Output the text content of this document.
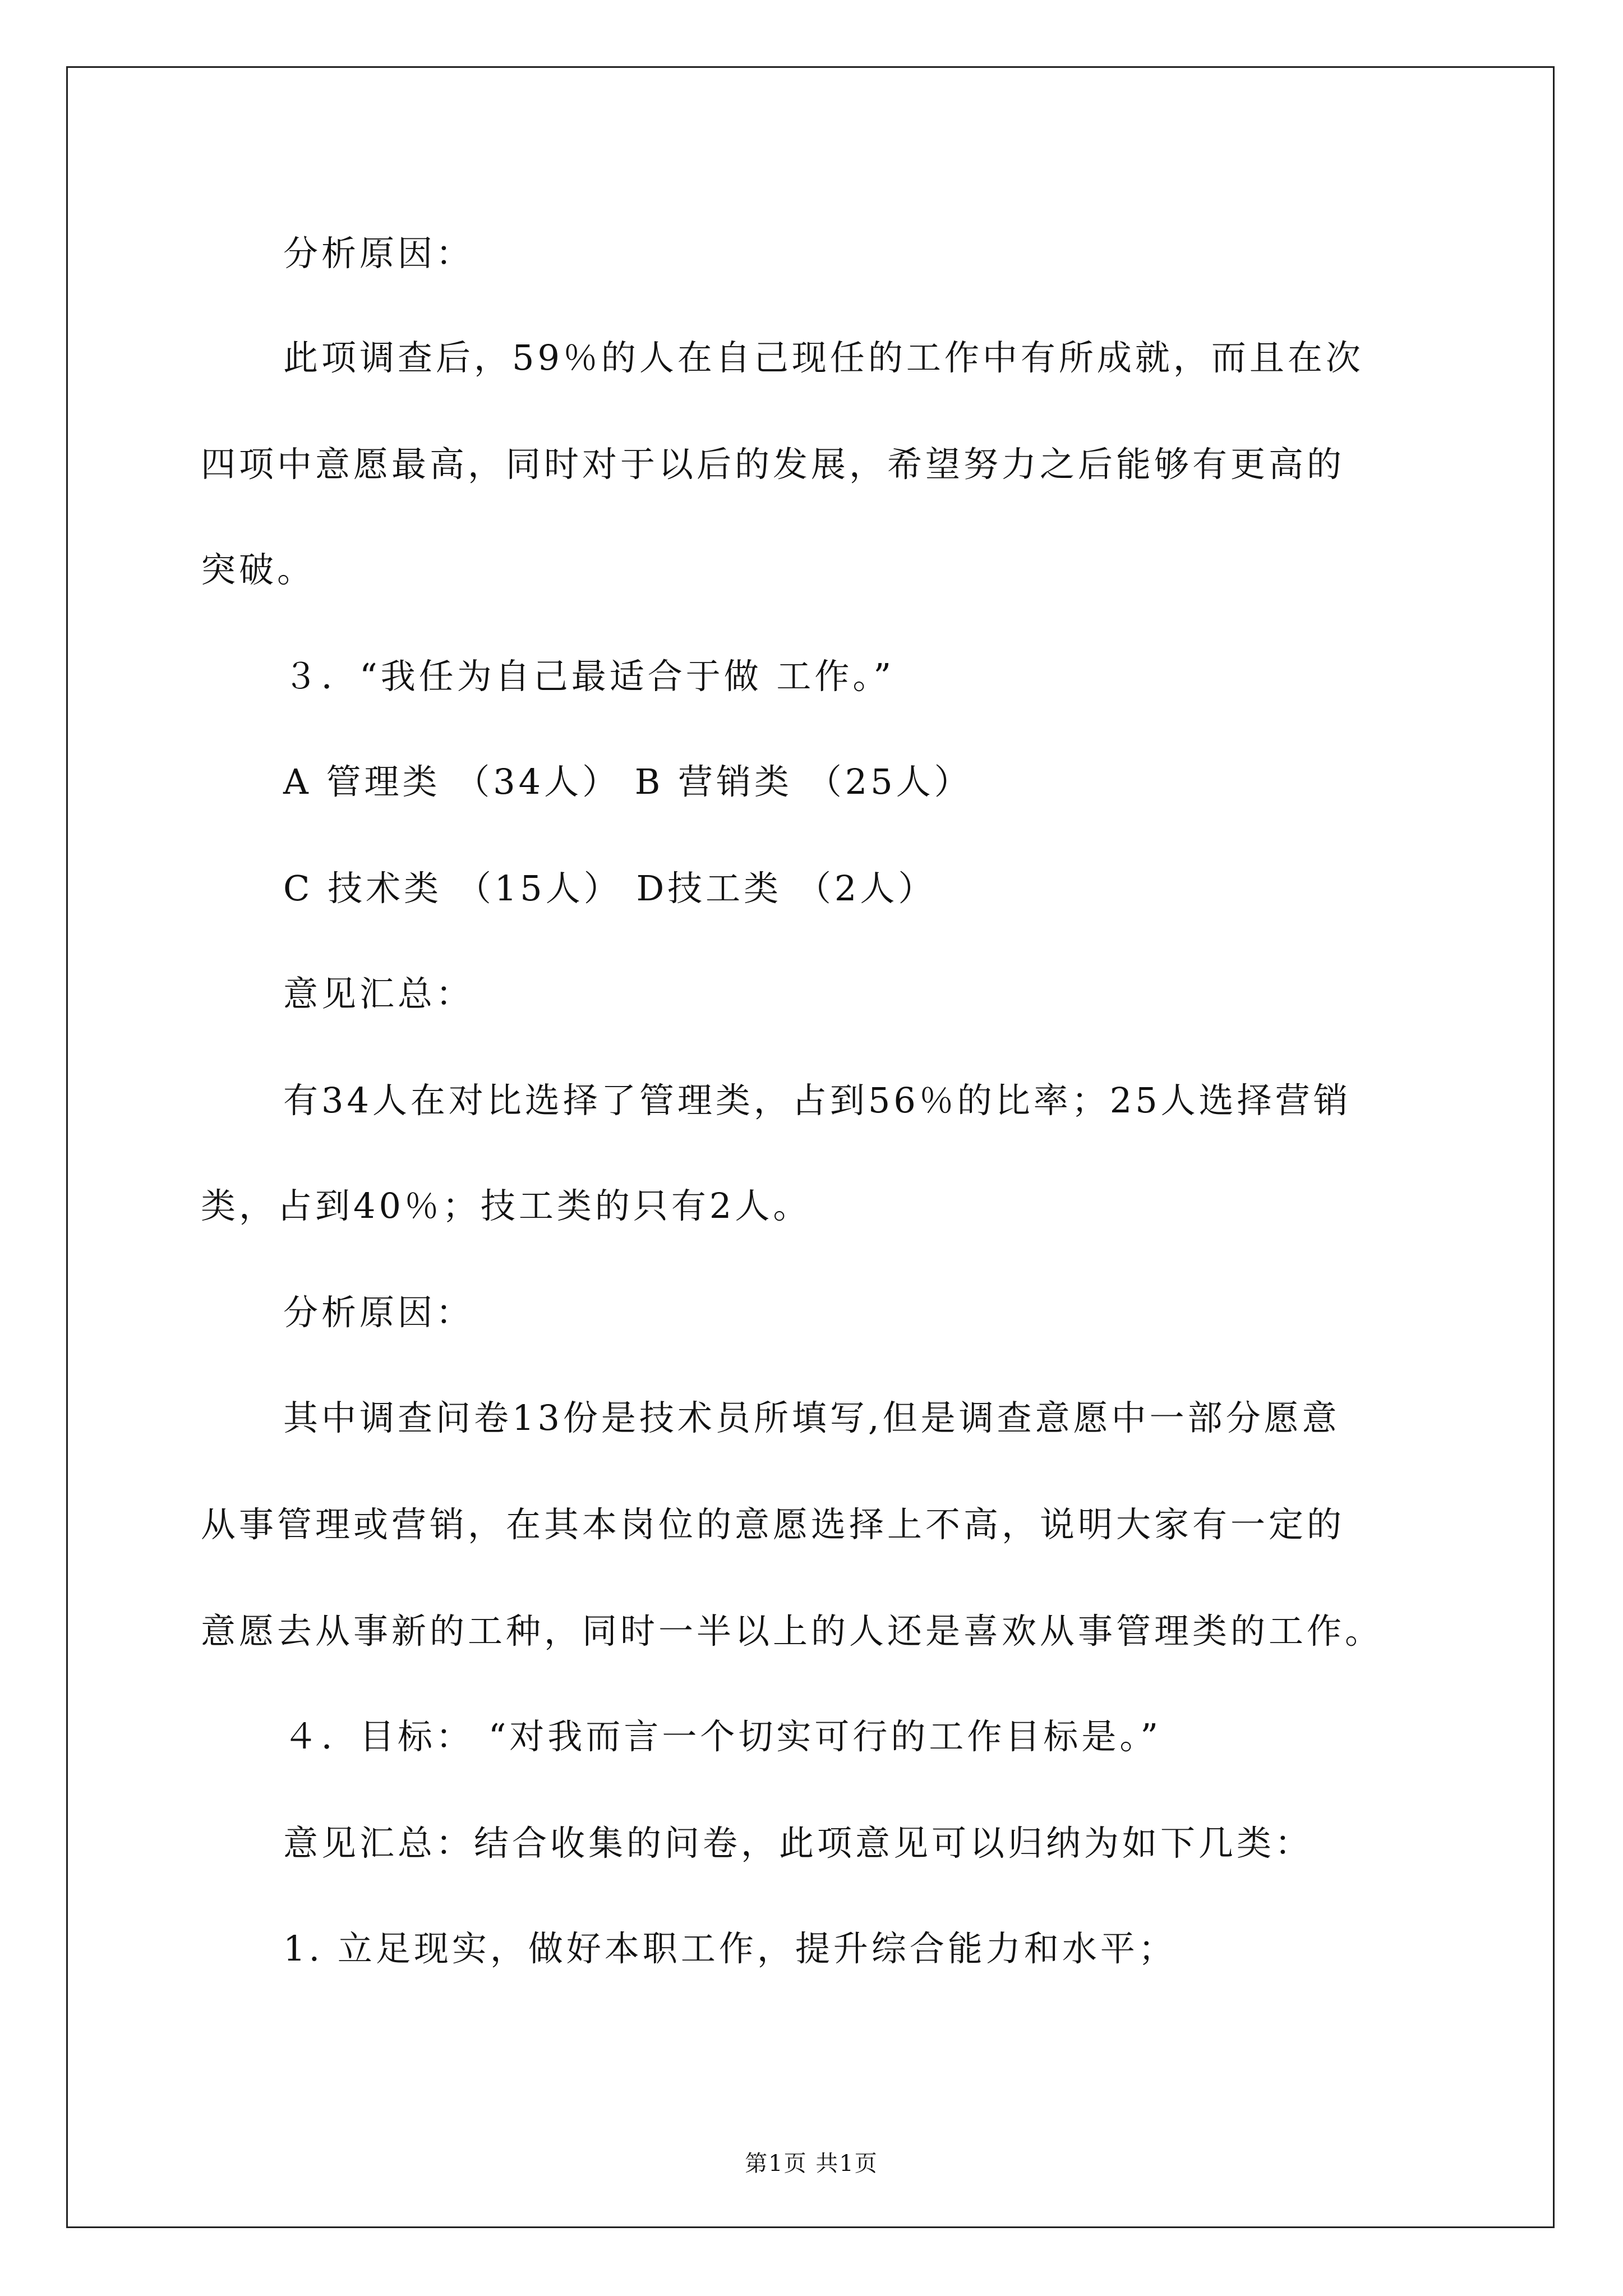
分析原因：
此项调查后，59％的人在自己现任的工作中有所成就，而且在次
四项中意愿最高，同时对于以后的发展，希望努力之后能够有更高的
突破。
３．“我任为自己最适合于做 工作。”
A 管理类 （34人） B 营销类 （25人）
C 技术类 （15人） D技工类 （2人）
意见汇总：
有34人在对比选择了管理类，占到56％的比率；25人选择营销
类，占到40％；技工类的只有2人。
分析原因：
其中调查问卷13份是技术员所填写,但是调查意愿中一部分愿意
从事管理或营销，在其本岗位的意愿选择上不高，说明大家有一定的
意愿去从事新的工种，同时一半以上的人还是喜欢从事管理类的工作。
４．目标： “对我而言一个切实可行的工作目标是。”
意见汇总：结合收集的问卷，此项意见可以归纳为如下几类：
1. 立足现实，做好本职工作，提升综合能力和水平；
第1页 共1页
